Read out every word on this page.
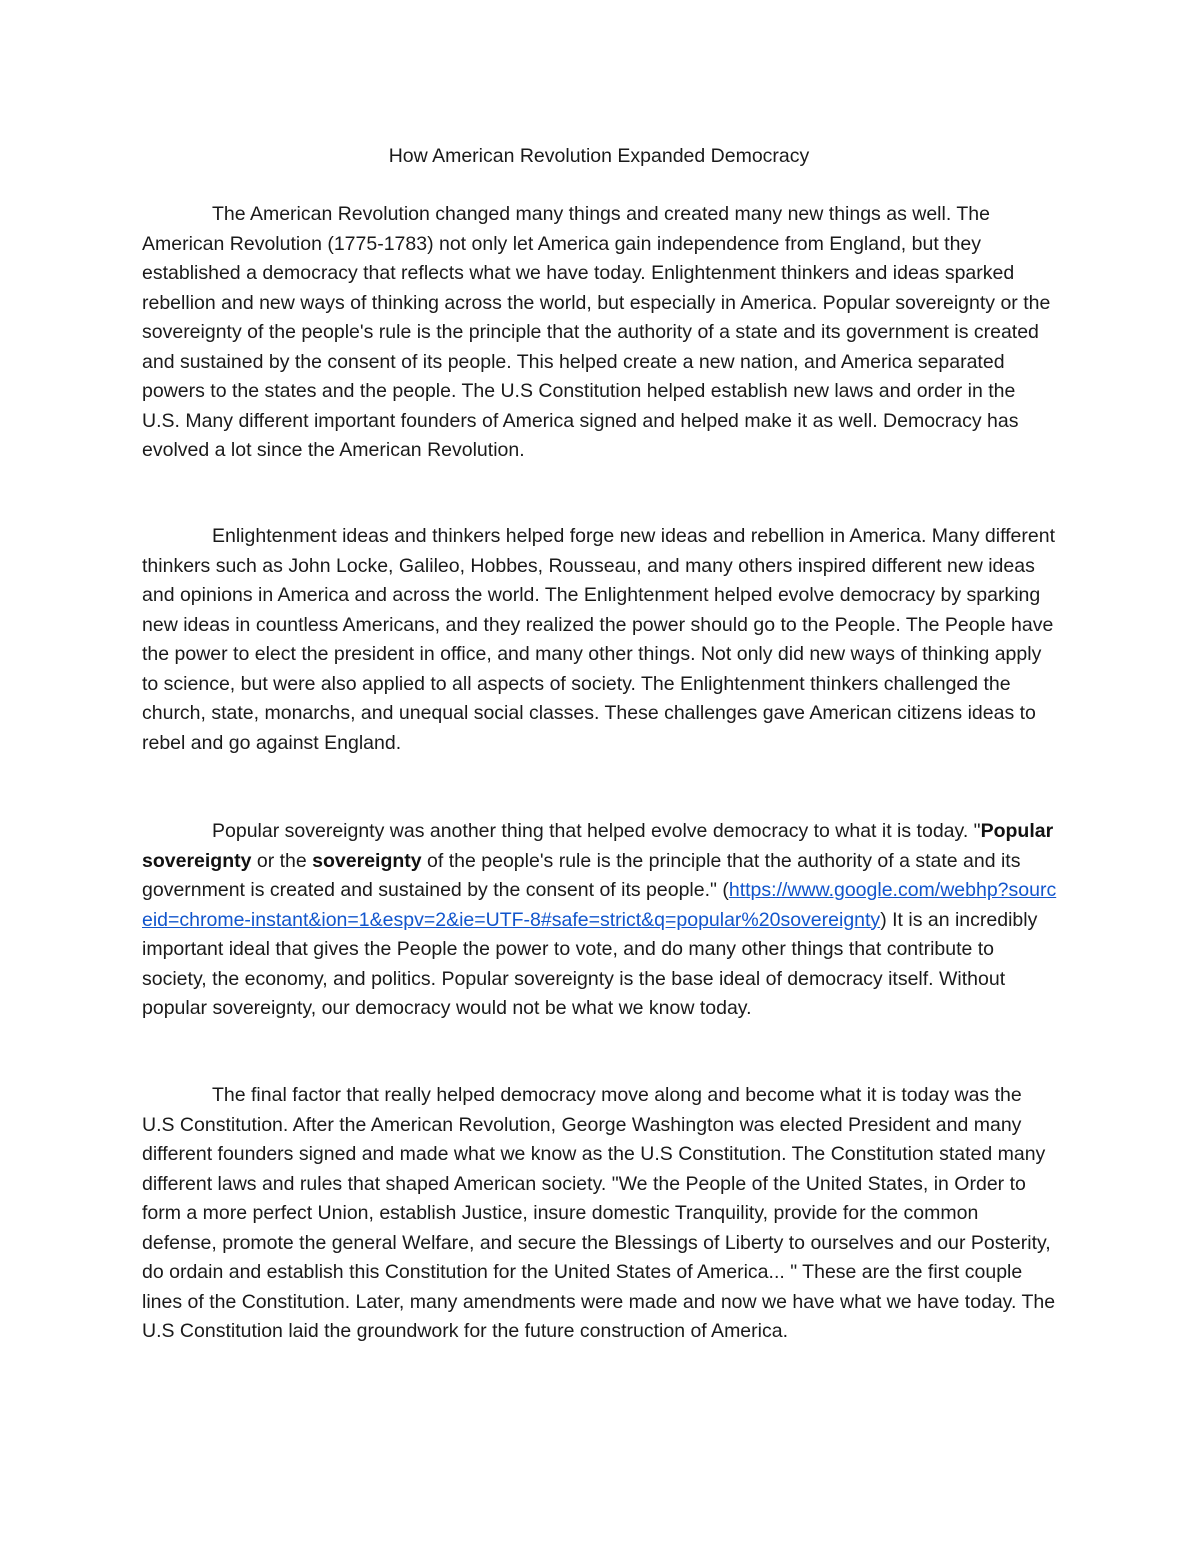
How American Revolution Expanded Democracy

The American Revolution changed many things and created many new things as well. The American Revolution (1775-1783) not only let America gain independence from England, but they established a democracy that reflects what we have today. Enlightenment thinkers and ideas sparked rebellion and new ways of thinking across the world, but especially in America. Popular sovereignty or the sovereignty of the people's rule is the principle that the authority of a state and its government is created and sustained by the consent of its people. This helped create a new nation, and America separated powers to the states and the people. The U.S Constitution helped establish new laws and order in the U.S. Many different important founders of America signed and helped make it as well. Democracy has evolved a lot since the American Revolution.

Enlightenment ideas and thinkers helped forge new ideas and rebellion in America. Many different thinkers such as John Locke, Galileo, Hobbes, Rousseau, and many others inspired different new ideas and opinions in America and across the world. The Enlightenment helped evolve democracy by sparking new ideas in countless Americans, and they realized the power should go to the People. The People have the power to elect the president in office, and many other things. Not only did new ways of thinking apply to science, but were also applied to all aspects of society. The Enlightenment thinkers challenged the church, state, monarchs, and unequal social classes. These challenges gave American citizens ideas to rebel and go against England.

Popular sovereignty was another thing that helped evolve democracy to what it is today. "Popular sovereignty or the sovereignty of the people's rule is the principle that the authority of a state and its government is created and sustained by the consent of its people." (https://www.google.com/webhp?sourceid=chrome-instant&ion=1&espv=2&ie=UTF-8#safe=strict&q=popular%20sovereignty) It is an incredibly important ideal that gives the People the power to vote, and do many other things that contribute to society, the economy, and politics. Popular sovereignty is the base ideal of democracy itself. Without popular sovereignty, our democracy would not be what we know today.

The final factor that really helped democracy move along and become what it is today was the U.S Constitution. After the American Revolution, George Washington was elected President and many different founders signed and made what we know as the U.S Constitution. The Constitution stated many different laws and rules that shaped American society. "We the People of the United States, in Order to form a more perfect Union, establish Justice, insure domestic Tranquility, provide for the common defense, promote the general Welfare, and secure the Blessings of Liberty to ourselves and our Posterity, do ordain and establish this Constitution for the United States of America... " These are the first couple lines of the Constitution. Later, many amendments were made and now we have what we have today. The U.S Constitution laid the groundwork for the future construction of America.
